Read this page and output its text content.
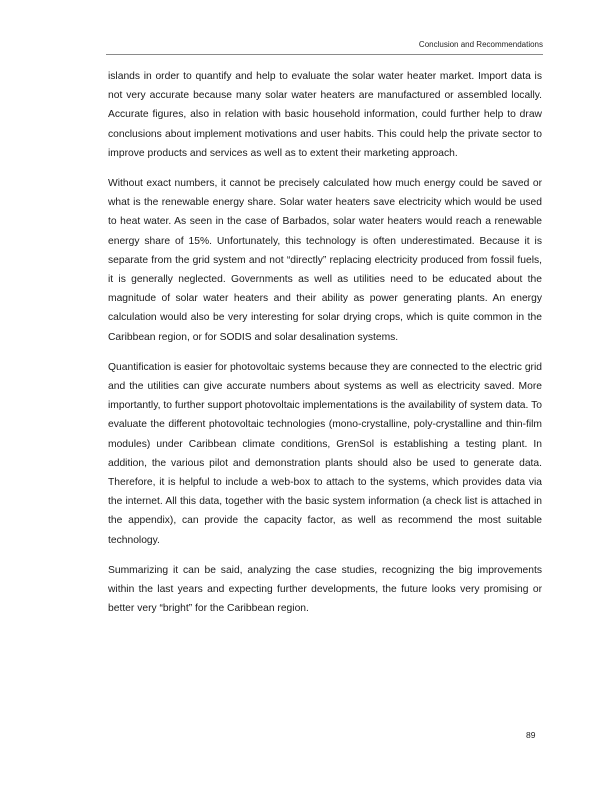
Conclusion and Recommendations

islands in order to quantify and help to evaluate the solar water heater market. Import data is not very accurate because many solar water heaters are manufactured or assembled locally. Accurate figures, also in relation with basic household information, could further help to draw conclusions about implement motivations and user habits. This could help the private sector to improve products and services as well as to extent their marketing approach.

Without exact numbers, it cannot be precisely calculated how much energy could be saved or what is the renewable energy share. Solar water heaters save electricity which would be used to heat water. As seen in the case of Barbados, solar water heaters would reach a renewable energy share of 15%. Unfortunately, this technology is often underestimated. Because it is separate from the grid system and not “directly” replacing electricity produced from fossil fuels, it is generally neglected. Governments as well as utilities need to be educated about the magnitude of solar water heaters and their ability as power generating plants. An energy calculation would also be very interesting for solar drying crops, which is quite common in the Caribbean region, or for SODIS and solar desalination systems.

Quantification is easier for photovoltaic systems because they are connected to the electric grid and the utilities can give accurate numbers about systems as well as electricity saved. More importantly, to further support photovoltaic implementations is the availability of system data. To evaluate the different photovoltaic technologies (mono-crystalline, poly-crystalline and thin-film modules) under Caribbean climate conditions, GrenSol is establishing a testing plant. In addition, the various pilot and demonstration plants should also be used to generate data. Therefore, it is helpful to include a web-box to attach to the systems, which provides data via the internet. All this data, together with the basic system information (a check list is attached in the appendix), can provide the capacity factor, as well as recommend the most suitable technology.

Summarizing it can be said, analyzing the case studies, recognizing the big improvements within the last years and expecting further developments, the future looks very promising or better very “bright” for the Caribbean region.

89
